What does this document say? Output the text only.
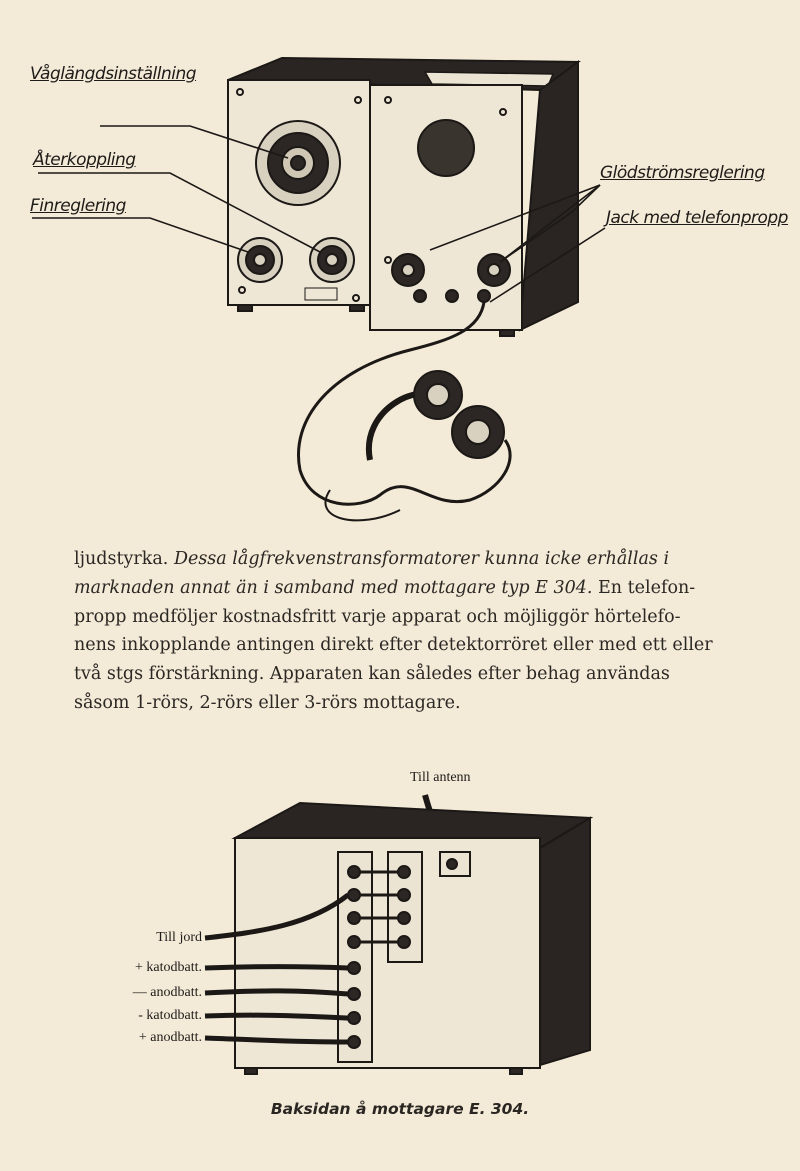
Våglängdsinställning
Återkoppling
Finreglering
Glödströmsreglering
Jack med telefonpropp
ljudstyrka. Dessa lågfrekvenstransformatorer kunna icke erhållas i
marknaden annat än i samband med mottagare typ E 304. En telefon-
propp medföljer kostnadsfritt varje apparat och möjliggör hörtelefo-
nens inkopplande antingen direkt efter detektorröret eller med ett eller
två stgs förstärkning. Apparaten kan således efter behag användas
såsom 1-rörs, 2-rörs eller 3-rörs mottagare.
Till antenn
Till jord
+ katodbatt.
— anodbatt.
- katodbatt.
+ anodbatt.
Baksidan å mottagare E. 304.
